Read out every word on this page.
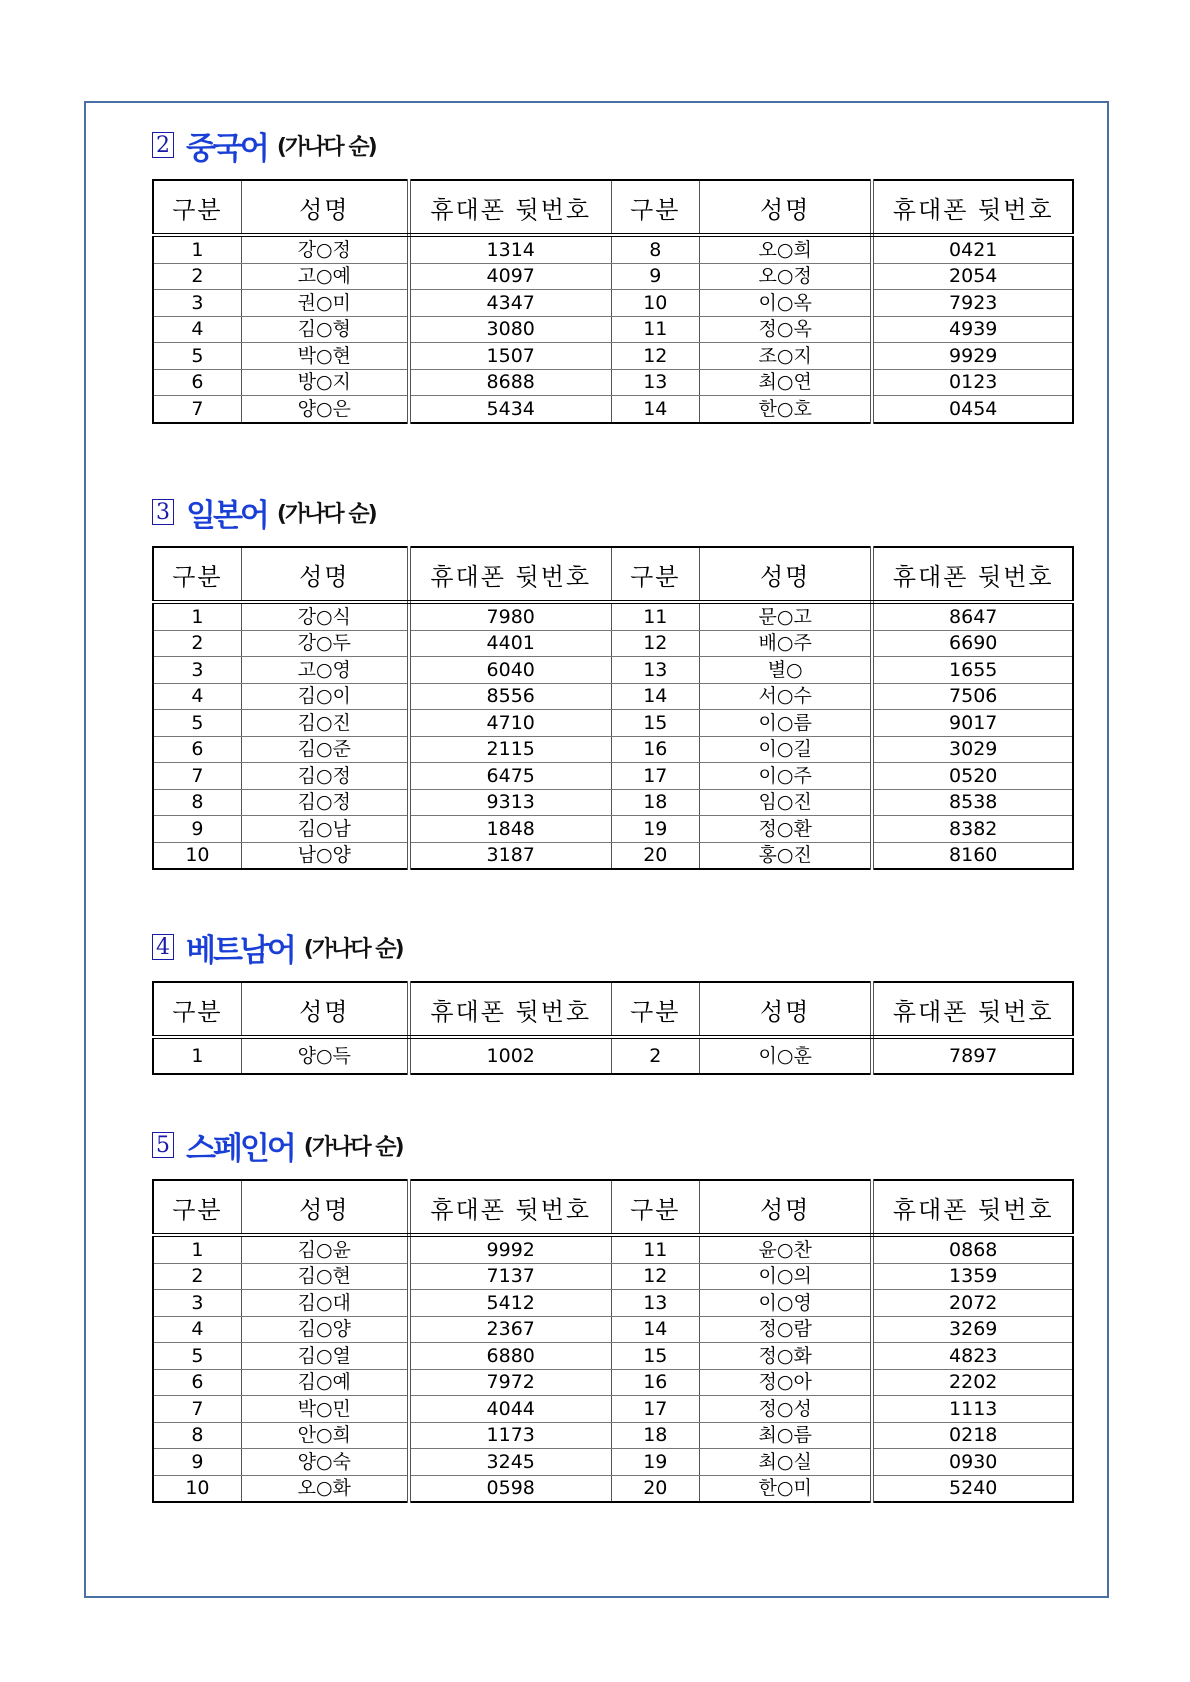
2 중국어 (가나다 순)
구분	성명	휴대폰 뒷번호	구분	성명	휴대폰 뒷번호
1	강○정	1314	8	오○희	0421
2	고○예	4097	9	오○정	2054
3	권○미	4347	10	이○옥	7923
4	김○형	3080	11	정○옥	4939
5	박○현	1507	12	조○지	9929
6	방○지	8688	13	최○연	0123
7	양○은	5434	14	한○호	0454
3 일본어 (가나다 순)
구분	성명	휴대폰 뒷번호	구분	성명	휴대폰 뒷번호
1	강○식	7980	11	문○고	8647
2	강○두	4401	12	배○주	6690
3	고○영	6040	13	별○	1655
4	김○이	8556	14	서○수	7506
5	김○진	4710	15	이○름	9017
6	김○준	2115	16	이○길	3029
7	김○정	6475	17	이○주	0520
8	김○정	9313	18	임○진	8538
9	김○남	1848	19	정○환	8382
10	남○양	3187	20	홍○진	8160
4 베트남어 (가나다 순)
구분	성명	휴대폰 뒷번호	구분	성명	휴대폰 뒷번호
1	양○득	1002	2	이○훈	7897
5 스페인어 (가나다 순)
구분	성명	휴대폰 뒷번호	구분	성명	휴대폰 뒷번호
1	김○윤	9992	11	윤○찬	0868
2	김○현	7137	12	이○의	1359
3	김○대	5412	13	이○영	2072
4	김○양	2367	14	정○람	3269
5	김○열	6880	15	정○화	4823
6	김○예	7972	16	정○아	2202
7	박○민	4044	17	정○성	1113
8	안○희	1173	18	최○름	0218
9	양○숙	3245	19	최○실	0930
10	오○화	0598	20	한○미	5240
